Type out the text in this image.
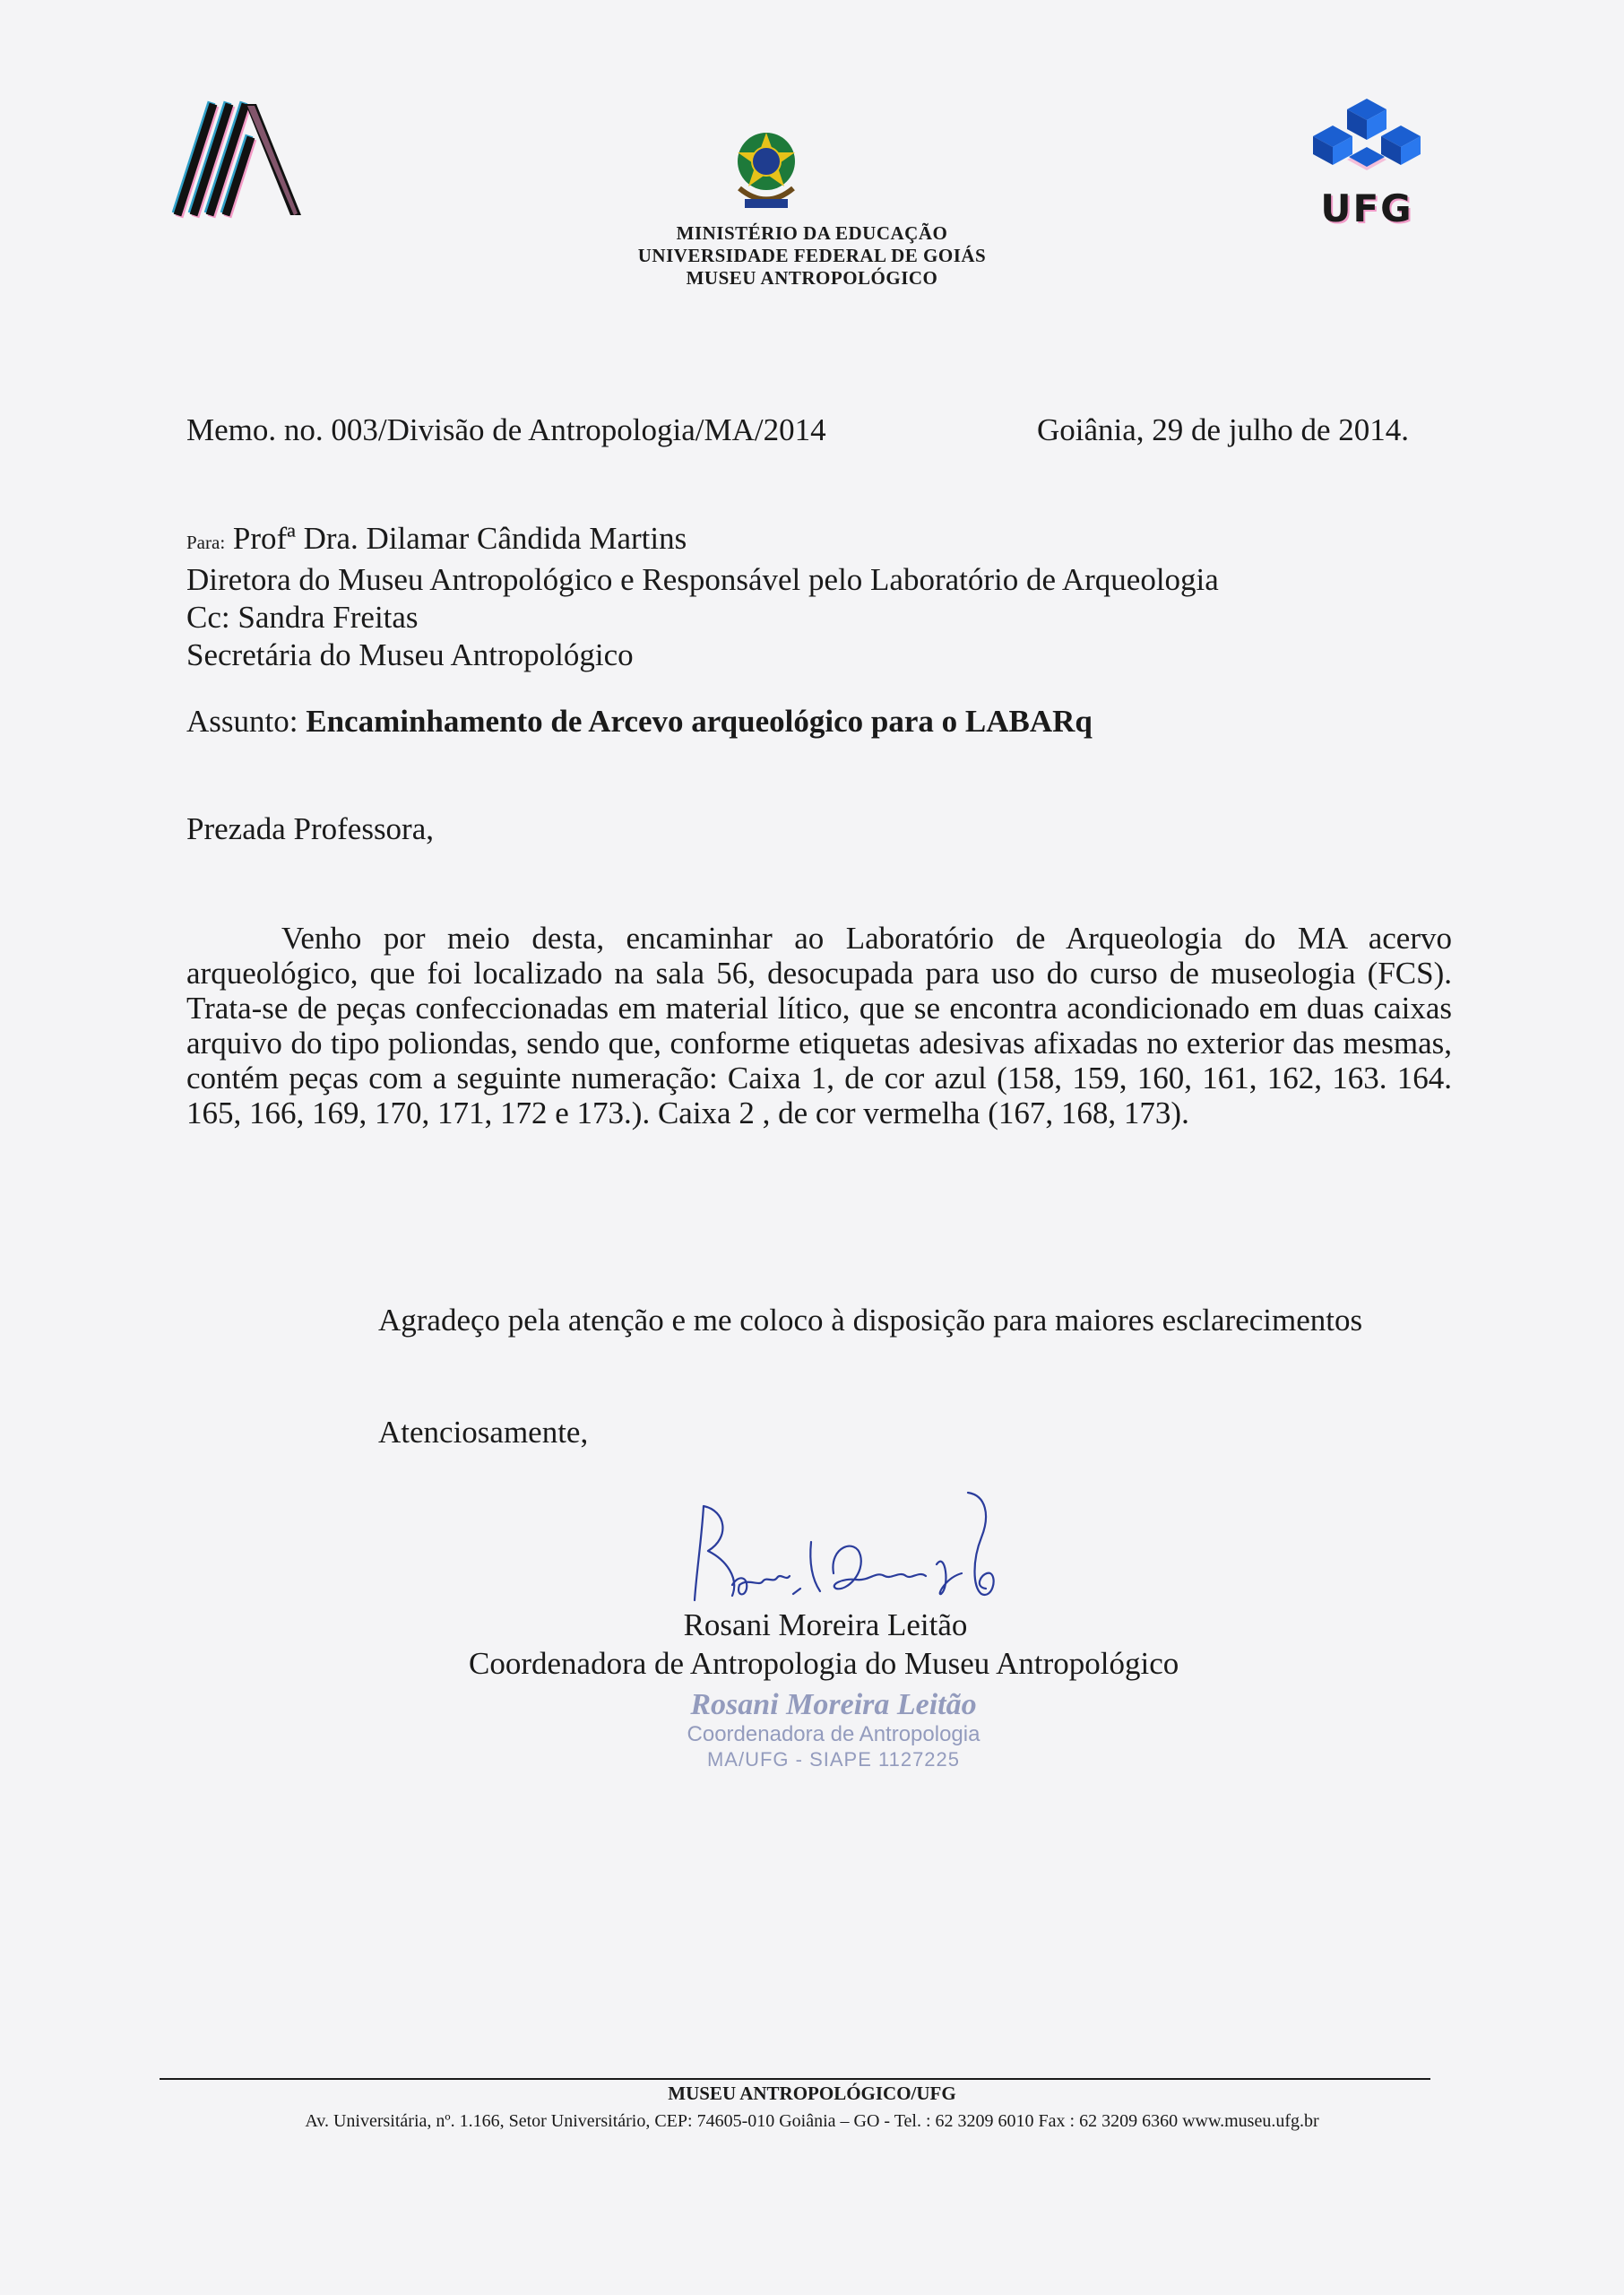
UFG
MINISTÉRIO DA EDUCAÇÃO
UNIVERSIDADE FEDERAL DE GOIÁS
MUSEU ANTROPOLÓGICO
Memo. no. 003/Divisão de Antropologia/MA/2014	Goiânia, 29 de julho de 2014.
Para: Profª Dra. Dilamar Cândida Martins
Diretora do Museu Antropológico e Responsável pelo Laboratório de Arqueologia
Cc: Sandra Freitas
Secretária do Museu Antropológico
Assunto: Encaminhamento de Arcevo arqueológico para o LABARq
Prezada Professora,
Venho por meio desta, encaminhar ao Laboratório de Arqueologia do MA acervo arqueológico, que foi localizado na sala 56, desocupada para uso do curso de museologia (FCS). Trata-se de peças confeccionadas em material lítico, que se encontra acondicionado em duas caixas arquivo do tipo poliondas, sendo que, conforme etiquetas adesivas afixadas no exterior das mesmas, contém peças com a seguinte numeração: Caixa 1, de cor azul (158, 159, 160, 161, 162, 163. 164. 165, 166, 169, 170, 171, 172 e 173.). Caixa 2 , de cor vermelha (167, 168, 173).
Agradeço pela atenção e me coloco à disposição para maiores esclarecimentos
Atenciosamente,
Rosani Moreira Leitão
Coordenadora de Antropologia do Museu Antropológico
Rosani Moreira Leitão
Coordenadora de Antropologia
MA/UFG - SIAPE 1127225
MUSEU ANTROPOLÓGICO/UFG
Av. Universitária, nº. 1.166, Setor Universitário, CEP: 74605-010 Goiânia – GO - Tel. : 62 3209 6010 Fax : 62 3209 6360 www.museu.ufg.br
